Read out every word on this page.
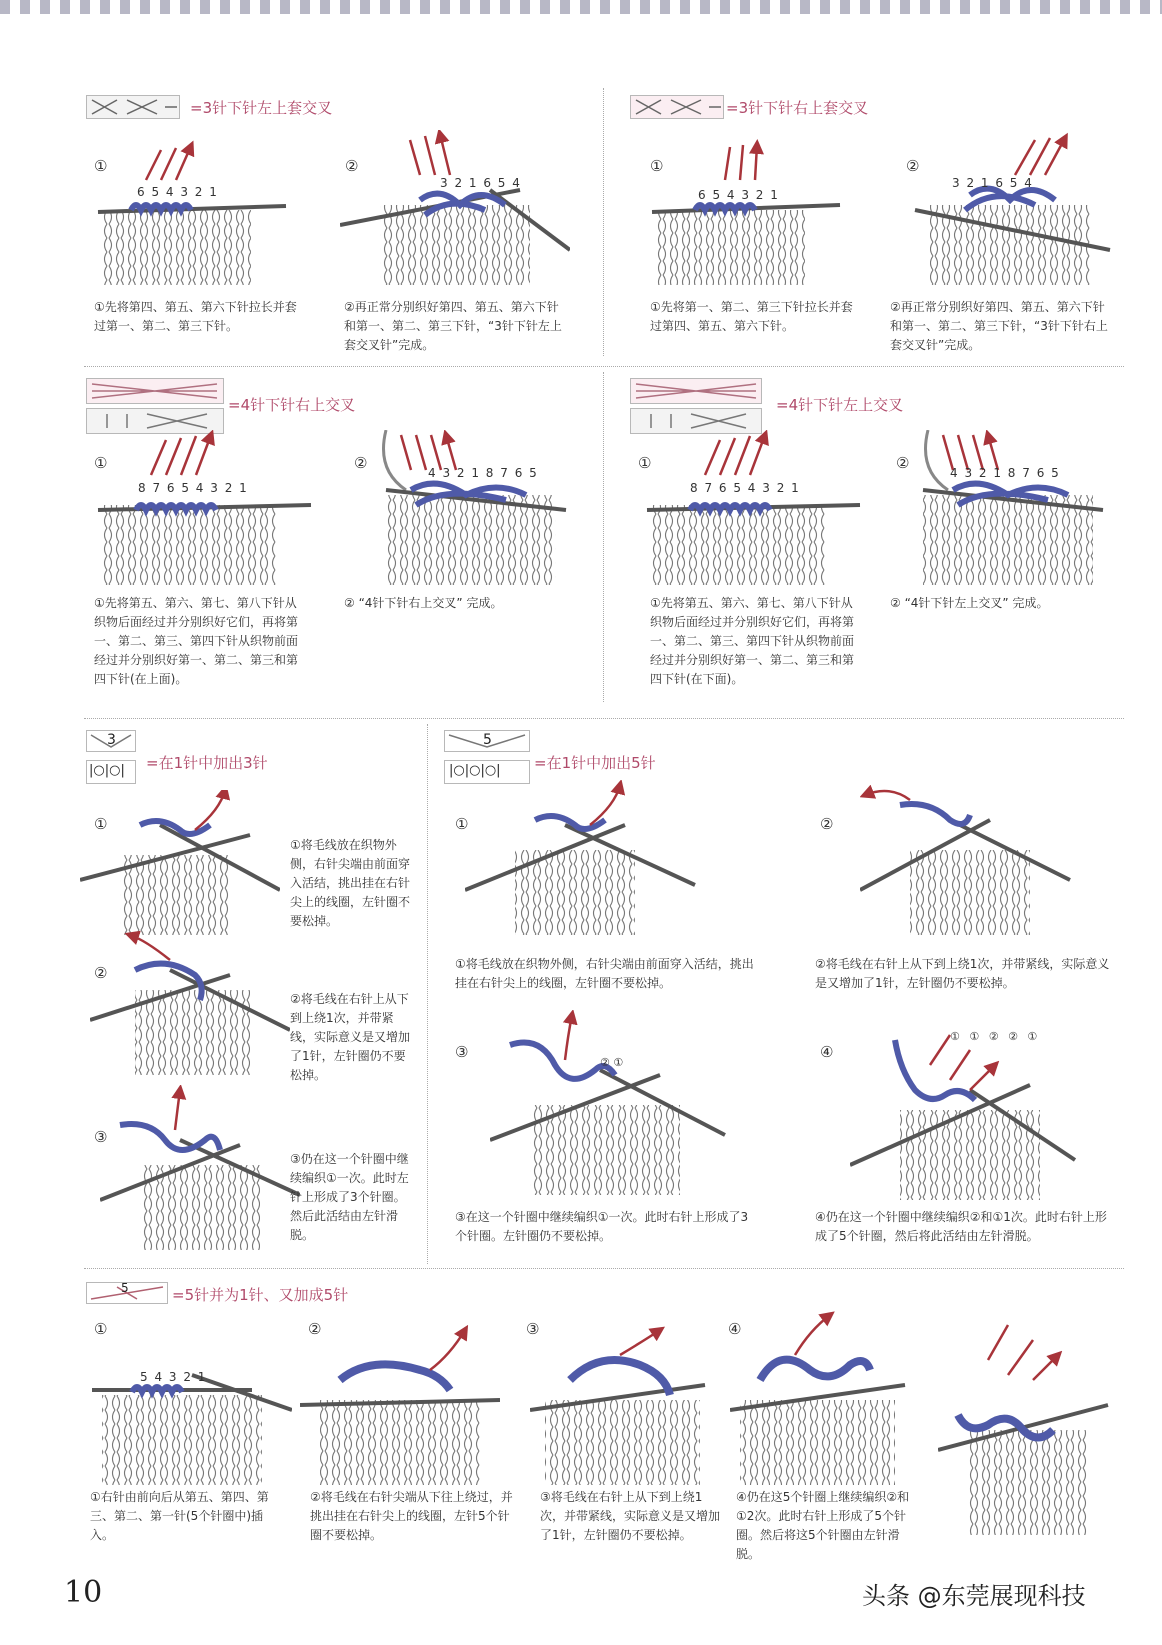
=3针下针左上套交叉
①
6 5 4 3 2 1
①先将第四、第五、第六下针拉长并套过第一、第二、第三下针。
②
3 2 1 6 5 4
②再正常分别织好第四、第五、第六下针和第一、第二、第三下针，“3针下针左上套交叉针”完成。
=3针下针右上套交叉
①
6 5 4 3 2 1
①先将第一、第二、第三下针拉长并套过第四、第五、第六下针。
②
3 2 1 6 5 4
②再正常分别织好第四、第五、第六下针和第一、第二、第三下针，“3针下针右上套交叉针”完成。
=4针下针右上交叉
①
8 7 6 5 4 3 2 1
①先将第五、第六、第七、第八下针从织物后面经过并分别织好它们，再将第一、第二、第三、第四下针从织物前面经过并分别织好第一、第二、第三和第四下针(在上面)。
②
4 3 2 1 8 7 6 5
② “4针下针右上交叉” 完成。
=4针下针左上交叉
①
8 7 6 5 4 3 2 1
①先将第五、第六、第七、第八下针从织物后面经过并分别织好它们，再将第一、第二、第三、第四下针从织物前面经过并分别织好第一、第二、第三和第四下针(在下面)。
②
4 3 2 1 8 7 6 5
② “4针下针左上交叉” 完成。
3
|○|○| =在1针中加出3针
①
①将毛线放在织物外侧，右针尖端由前面穿入活结，挑出挂在右针尖上的线圈，左针圈不要松掉。
②
②将毛线在右针上从下到上绕1次，并带紧线，实际意义是又增加了1针，左针圈仍不要松掉。
③
③仍在这一个针圈中继续编织①一次。此时左针上形成了3个针圈。然后此活结由左针滑脱。
5
|○|○|○| =在1针中加出5针
①
①将毛线放在织物外侧，右针尖端由前面穿入活结，挑出挂在右针尖上的线圈，左针圈不要松掉。
②
②将毛线在右针上从下到上绕1次，并带紧线，实际意义是又增加了1针，左针圈仍不要松掉。
③
② ①
③在这一个针圈中继续编织①一次。此时右针上形成了3个针圈。左针圈仍不要松掉。
④
① ① ② ② ①
④仍在这一个针圈中继续编织②和①1次。此时右针上形成了5个针圈，然后将此活结由左针滑脱。
5	=5针并为1针、又加成5针
①
5 4 3 2 1
①右针由前向后从第五、第四、第三、第二、第一针(5个针圈中)插入。
②
②将毛线在右针尖端从下往上绕过，并挑出挂在右针尖上的线圈，左针5个针圈不要松掉。
③
③将毛线在右针上从下到上绕1次，并带紧线，实际意义是又增加了1针，左针圈仍不要松掉。
④
④仍在这5个针圈上继续编织②和①2次。此时右针上形成了5个针圈。然后将这5个针圈由左针滑脱。
10	头条 @东莞展现科技
